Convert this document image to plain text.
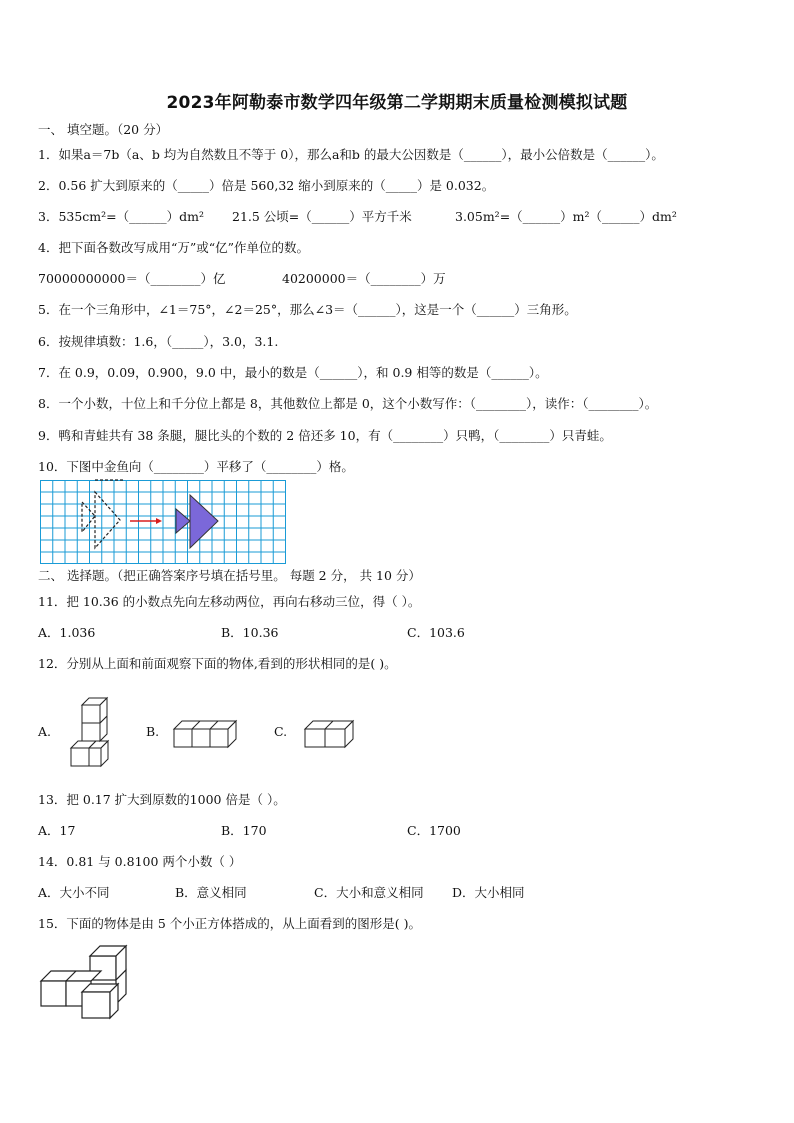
2023年阿勒泰市数学四年级第二学期期末质量检测模拟试题
一、 填空题。（20 分）
1．如果a＝7b（a、b 均为自然数且不等于 0），那么a和b 的最大公因数是（______），最小公倍数是（______）。
2．0.56 扩大到原来的（_____）倍是 560,32 缩小到原来的（_____）是 0.032。
3．535cm²=（______）dm² 21.5 公顷=（______）平方千米	3.05m²=（______）m²（______）dm²
4．把下面各数改写成用“万”或“亿”作单位的数。
70000000000＝（________）亿	40200000＝（________）万
5．在一个三角形中，∠1＝75°，∠2＝25°，那么∠3＝（______），这是一个（______）三角形。
6．按规律填数：1.6，（_____），3.0，3.1.
7．在 0.9，0.09，0.900，9.0 中，最小的数是（______），和 0.9 相等的数是（______）。
8．一个小数，十位上和千分位上都是 8，其他数位上都是 0，这个小数写作：（________），读作：（________）。
9．鸭和青蛙共有 38 条腿，腿比头的个数的 2 倍还多 10，有（________）只鸭，（________）只青蛙。
10．下图中金鱼向（________）平移了（________）格。
二、 选择题。（把正确答案序号填在括号里。 每题 2 分， 共 10 分）
11．把 10.36 的小数点先向左移动两位，再向右移动三位，得（ ）。
A．1.036	B．10.36	C．103.6
12．分别从上面和前面观察下面的物体,看到的形状相同的是( )。
A.	B.	C.
13．把 0.17 扩大到原数的1000 倍是（ ）。
A．17	B．170	C．1700
14．0.81 与 0.8100 两个小数（ ）
A．大小不同	B．意义相同	C．大小和意义相同 D．大小相同
15．下面的物体是由 5 个小正方体搭成的，从上面看到的图形是( )。
